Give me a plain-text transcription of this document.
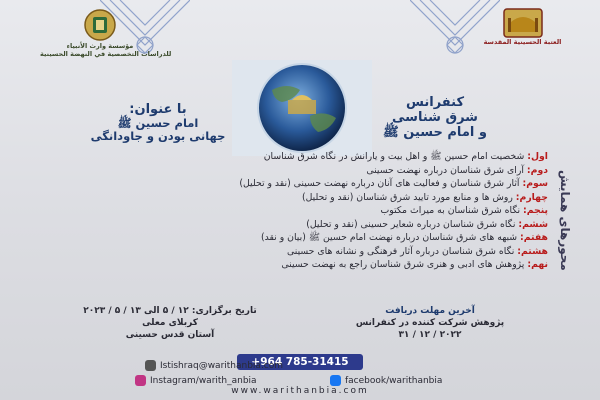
مؤسسة وارث الأنبياء
للدراسات التخصصية في النهضة الحسينية
العتبة الحسينية المقدسة
كنفرانس
شرق شناسی
و امام حسين ﷺ
با عنوان:
امام حسين ﷺ
جهانی بودن و جاودانگی
اول: شخصيت امام حسين ﷺ و اهل بيت و يارانش در نگاه شرق شناسان
دوم: آرای شرق شناسان درباره نهضت حسينی
سوم: آثار شرق شناسان و فعاليت های آنان درباره نهضت حسينی (نقد و تحليل)
چهارم: روش ها و منابع مورد تاييد شرق شناسان (نقد و تحليل)
پنجم: نگاه شرق شناسان به ميراث مكتوب
ششم: نگاه شرق شناسان درباره شعاير حسينی (نقد و تحليل)
هفتم: شبهه های شرق شناسان درباره نهضت امام حسين ﷺ (بيان و نقد)
هشتم: نگاه شرق شناسان درباره آثار فرهنگی و نشانه های حسينی
نهم: پژوهش های ادبی و هنری شرق شناسان راجع به نهضت حسينی	محورهای همایش
آخرين مهلت دريافت
پژوهش شركت كننده در كنفرانس
۲۰۲۲ / ۱۲ / ۳۱
تاريخ برگزاری: ۱۲ / ۵ الی ۱۳ / ۵ / ۲۰۲۳
كربلای معلی
آستان قدس حسينی
+964 785-31415
Istishraq@warithanbia.com
Instagram/warith_anbia	facebook/warithanbia
www.warithanbia.com
